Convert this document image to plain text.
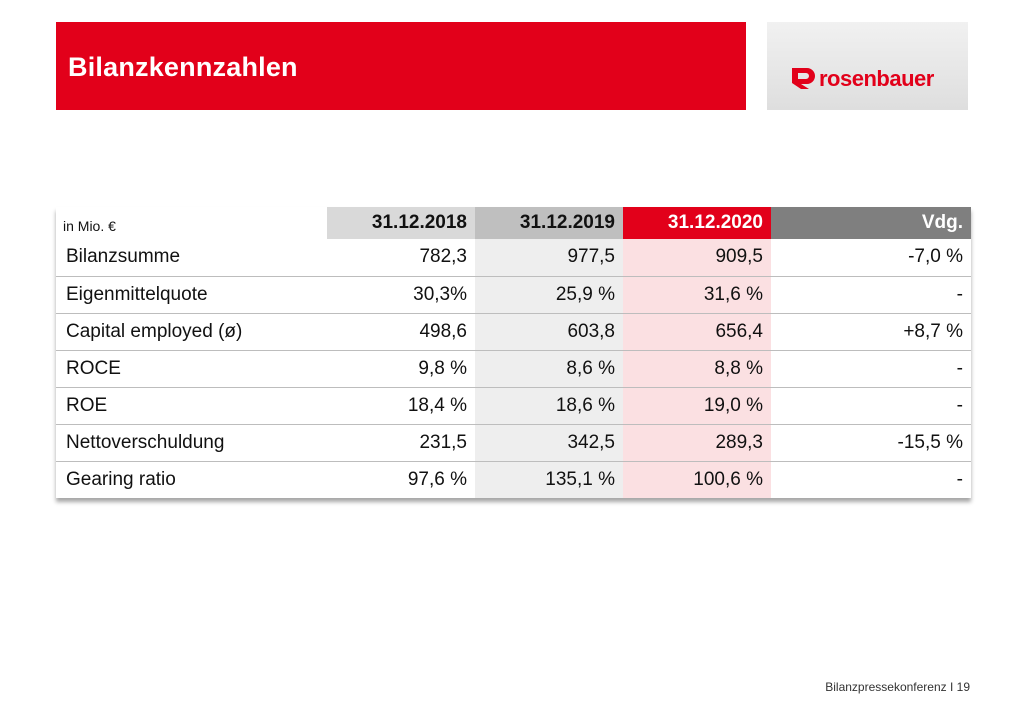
Bilanzkennzahlen	rosenbauer
in Mio. €	31.12.2018	31.12.2019	31.12.2020	Vdg.
Bilanzsumme	782,3	977,5	909,5	-7,0 %
Eigenmittelquote	30,3%	25,9 %	31,6 %	-
Capital employed (ø)	498,6	603,8	656,4	+8,7 %
ROCE	9,8 %	8,6 %	8,8 %	-
ROE	18,4 %	18,6 %	19,0 %	-
Nettoverschuldung	231,5	342,5	289,3	-15,5 %
Gearing ratio	97,6 %	135,1 %	100,6 %	-
Bilanzpressekonferenz I 19
